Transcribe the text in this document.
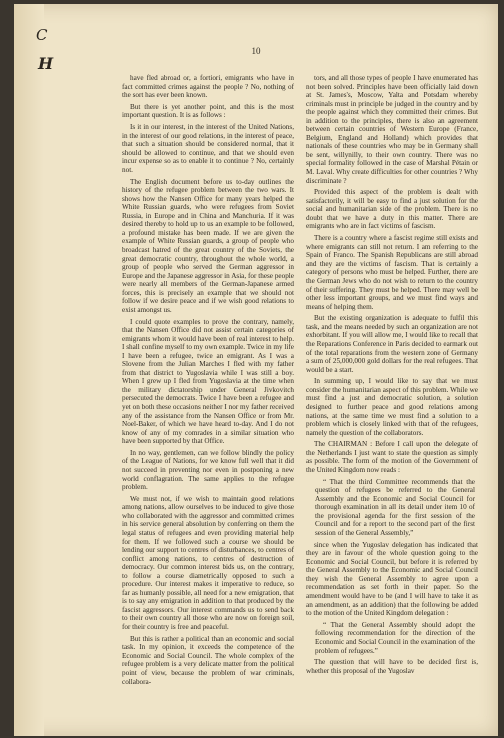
C
H
10

have fled abroad or, a fortiori, emigrants who have in fact committed crimes against the people ? No, nothing of the sort has ever been known.

But there is yet another point, and this is the most important question. It is as follows :

Is it in our interest, in the interest of the United Nations, in the interest of our good relations, in the interest of peace, that such a situation should be considered normal, that it should be allowed to continue, and that we should even incur expense so as to enable it to continue ? No, certainly not.

The English document before us to-day outlines the history of the refugee problem between the two wars. It shows how the Nansen Office for many years helped the White Russian guards, who were refugees from Soviet Russia, in Europe and in China and Manchuria. If it was desired thereby to hold up to us an example to be followed, a profound mistake has been made. If we are given the example of White Russian guards, a group of people who broadcast hatred of the great country of the Soviets, the great democratic country, throughout the whole world, a group of people who served the German aggressor in Europe and the Japanese aggressor in Asia, for these people were nearly all members of the German-Japanese armed forces, this is precisely an example that we should not follow if we desire peace and if we wish good relations to exist amongst us.

I could quote examples to prove the contrary, namely, that the Nansen Office did not assist certain categories of emigrants whom it would have been of real interest to help. I shall confine myself to my own example. Twice in my life I have been a refugee, twice an emigrant. As I was a Slovene from the Julian Marches I fled with my father from that district to Yugoslavia while I was still a boy. When I grew up I fled from Yugoslavia at the time when the military dictatorship under General Jivkovitch persecuted the democrats. Twice I have been a refugee and yet on both these occasions neither I nor my father received any of the assistance from the Nansen Office or from Mr. Noel-Baker, of which we have heard to-day. And I do not know of any of my comrades in a similar situation who have been supported by that Office.

In no way, gentlemen, can we follow blindly the policy of the League of Nations, for we know full well that it did not succeed in preventing nor even in postponing a new world conflagration. The same applies to the refugee problem.

We must not, if we wish to maintain good relations among nations, allow ourselves to be induced to give those who collaborated with the aggressor and committed crimes in his service general absolution by conferring on them the legal status of refugees and even providing material help for them. If we followed such a course we should be lending our support to centres of disturbances, to centres of conflict among nations, to centres of destruction of democracy. Our common interest bids us, on the contrary, to follow a course diametrically opposed to such a procedure. Our interest makes it imperative to reduce, so far as humanly possible, all need for a new emigration, that is to say any emigration in addition to that produced by the fascist aggressors. Our interest commands us to send back to their own country all those who are now on foreign soil, for their country is free and peaceful.

But this is rather a political than an economic and social task. In my opinion, it exceeds the competence of the Economic and Social Council. The whole complex of the refugee problem is a very delicate matter from the political point of view, because the problem of war criminals, collabora-

tors, and all those types of people I have enumerated has not been solved. Principles have been officially laid down at St. James's, Moscow, Yalta and Potsdam whereby criminals must in principle be judged in the country and by the people against which they committed their crimes. But in addition to the principles, there is also an agreement between certain countries of Western Europe (France, Belgium, England and Holland) which provides that nationals of these countries who may be in Germany shall be sent, willynilly, to their own country. There was no special formality followed in the case of Marshal Pétain or M. Laval. Why create difficulties for other countries ? Why discriminate ?

Provided this aspect of the problem is dealt with satisfactorily, it will be easy to find a just solution for the social and humanitarian side of the problem. There is no doubt that we have a duty in this matter. There are emigrants who are in fact victims of fascism.

There is a country where a fascist regime still exists and where emigrants can still not return. I am referring to the Spain of Franco. The Spanish Republicans are still abroad and they are the victims of fascism. That is certainly a category of persons who must be helped. Further, there are the German Jews who do not wish to return to the country of their suffering. They must be helped. There may well be other less important groups, and we must find ways and means of helping them.

But the existing organization is adequate to fulfil this task, and the means needed by such an organization are not exhorbitant. If you will allow me, I would like to recall that the Reparations Conference in Paris decided to earmark out of the total reparations from the western zone of Germany a sum of 25,000,000 gold dollars for the real refugees. That would be a start.

In summing up, I would like to say that we must consider the humanitarian aspect of this problem. While we must find a just and democratic solution, a solution designed to further peace and good relations among nations, at the same time we must find a solution to a problem which is closely linked with that of the refugees, namely the question of the collaborators.

The CHAIRMAN : Before I call upon the delegate of the Netherlands I just want to state the question as simply as possible. The form of the motion of the Government of the United Kingdom now reads :

“ That the third Committee recommends that the question of refugees be referred to the General Assembly and the Economic and Social Council for thorough examination in all its detail under item 10 of the provisional agenda for the first session of the Council and for a report to the second part of the first session of the General Assembly,”

since when the Yugoslav delegation has indicated that they are in favour of the whole question going to the Economic and Social Council, but before it is referred by the General Assembly to the Economic and Social Council they wish the General Assembly to agree upon a recommendation as set forth in their paper. So the amendment would have to be (and I will have to take it as an amendment, as an addition) that the following be added to the motion of the United Kingdom delegation :

“ That the General Assembly should adopt the following recommendation for the direction of the Economic and Social Council in the examination of the problem of refugees.”

The question that will have to be decided first is, whether this proposal of the Yugoslav
